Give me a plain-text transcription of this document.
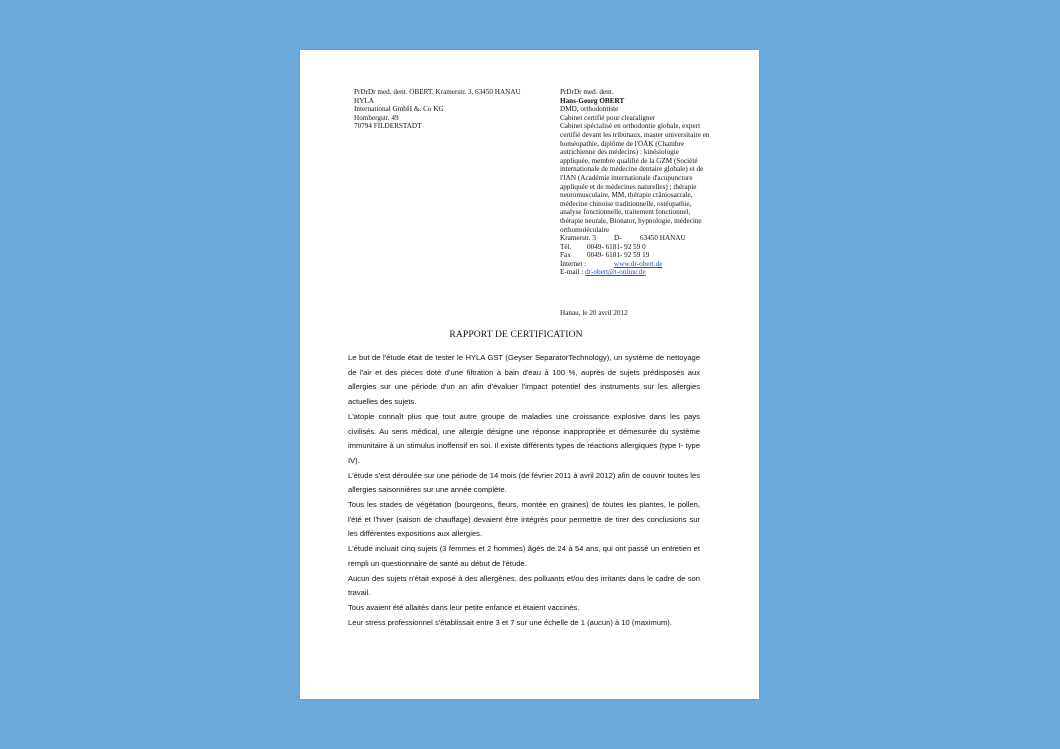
PrDrDr med. dent. OBERT. Kramerstr. 3, 63450 HANAU
HYLA
International GmbH &. Co KG
Hombergstr. 49
70794 FILDERSTADT
PrDrDr med. dent.
Hans-Georg OBERT
DMD, orthodontiste
Cabinet certifié pour clearaligner
Cabinet spécialisé en orthodontie globale, expert certifié devant les tribunaux, master universitaire en homéopathie, diplôme de l'ÖÄK (Chambre autrichienne des médecins) : kinésiologie appliquée, membre qualifié de la GZM (Société internationale de médecine dentaire globale) et de l'IAN (Académie internationale d'acupuncture appliquée et de médecines naturelles) ; thérapie neuromusculaire, MM, thérapie crâniosacrale, médecine chinoise traditionnelle, ostéopathie, analyse fonctionnelle, traitement fonctionnel, thérapie neurale, Bionator, hypnologie, médecine orthomoléculaire
Kramerstr. 3	D-	63450 HANAU
Tél.	0049- 6181- 92 59 0
Fax	0049- 6181- 92 59 19
Internet :	www.dr-obert.de
E-mail :
dr-obert@t-online.de
Hanau, le 20 avril 2012
RAPPORT DE CERTIFICATION

Le but de l'étude était de tester le HYLA GST (Geyser SeparatorTechnology), un système de nettoyage de l'air et des pièces doté d'une filtration à bain d'eau à 100 %, auprès de sujets prédisposés aux allergies sur une période d'un an afin d'évaluer l'impact potentiel des instruments sur les allergies actuelles des sujets.

L'atopie connaît plus que tout autre groupe de maladies une croissance explosive dans les pays civilisés. Au sens médical, une allergie désigne une réponse inappropriée et démesurée du système immunitaire à un stimulus inoffensif en soi. Il existe différents types de réactions allergiques (type I- type IV).

L'étude s'est déroulée sur une période de 14 mois (de février 2011 à avril 2012) afin de couvrir toutes les allergies saisonnières sur une année complète.

Tous les stades de végétation (bourgeons, fleurs, montée en graines) de toutes les plantes, le pollen, l'été et l'hiver (saison de chauffage) devaient être intégrés pour permettre de tirer des conclusions sur les différentes expositions aux allergies.

L'étude incluait cinq sujets (3 femmes et 2 hommes) âgés de 24 à 54 ans, qui ont passé un entretien et rempli un questionnaire de santé au début de l'étude.

Aucun des sujets n'était exposé à des allergènes, des polluants et/ou des irritants dans le cadre de son travail.

Tous avaient été allaités dans leur petite enfance et étaient vaccinés.

Leur stress professionnel s'établissait entre 3 et 7 sur une échelle de 1 (aucun) à 10 (maximum).
